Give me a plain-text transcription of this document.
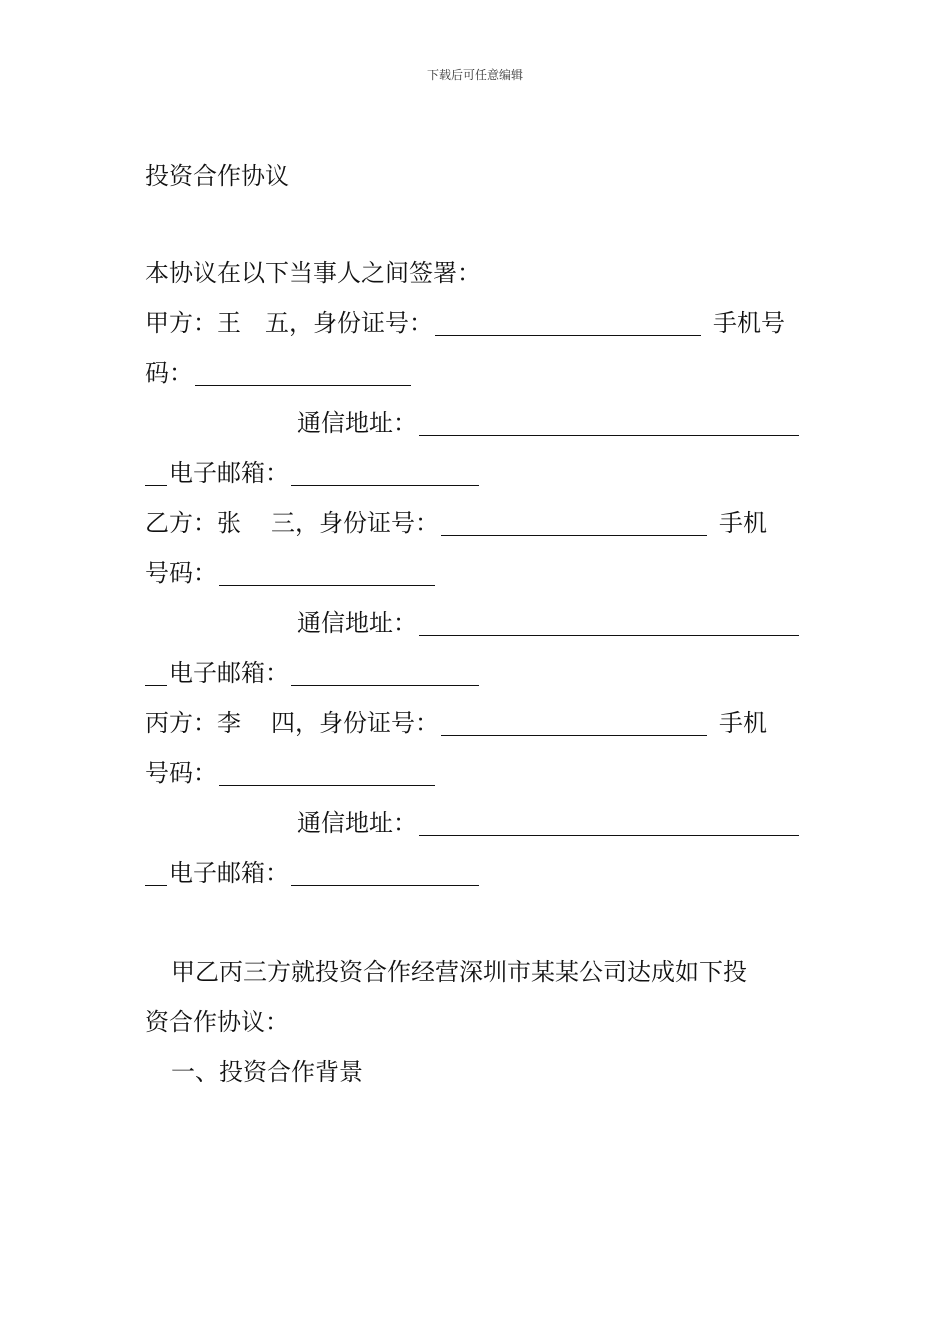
下载后可任意编辑
投资合作协议
本协议在以下当事人之间签署：
甲方：王 五，身份证号：	手机号
码：
通信地址：
电子邮箱：
乙方：张 三，身份证号：	手机
号码：
通信地址：
电子邮箱：
丙方：李 四，身份证号：	手机
号码：
通信地址：
电子邮箱：
甲乙丙三方就投资合作经营深圳市某某公司达成如下投
资合作协议：
一、投资合作背景
